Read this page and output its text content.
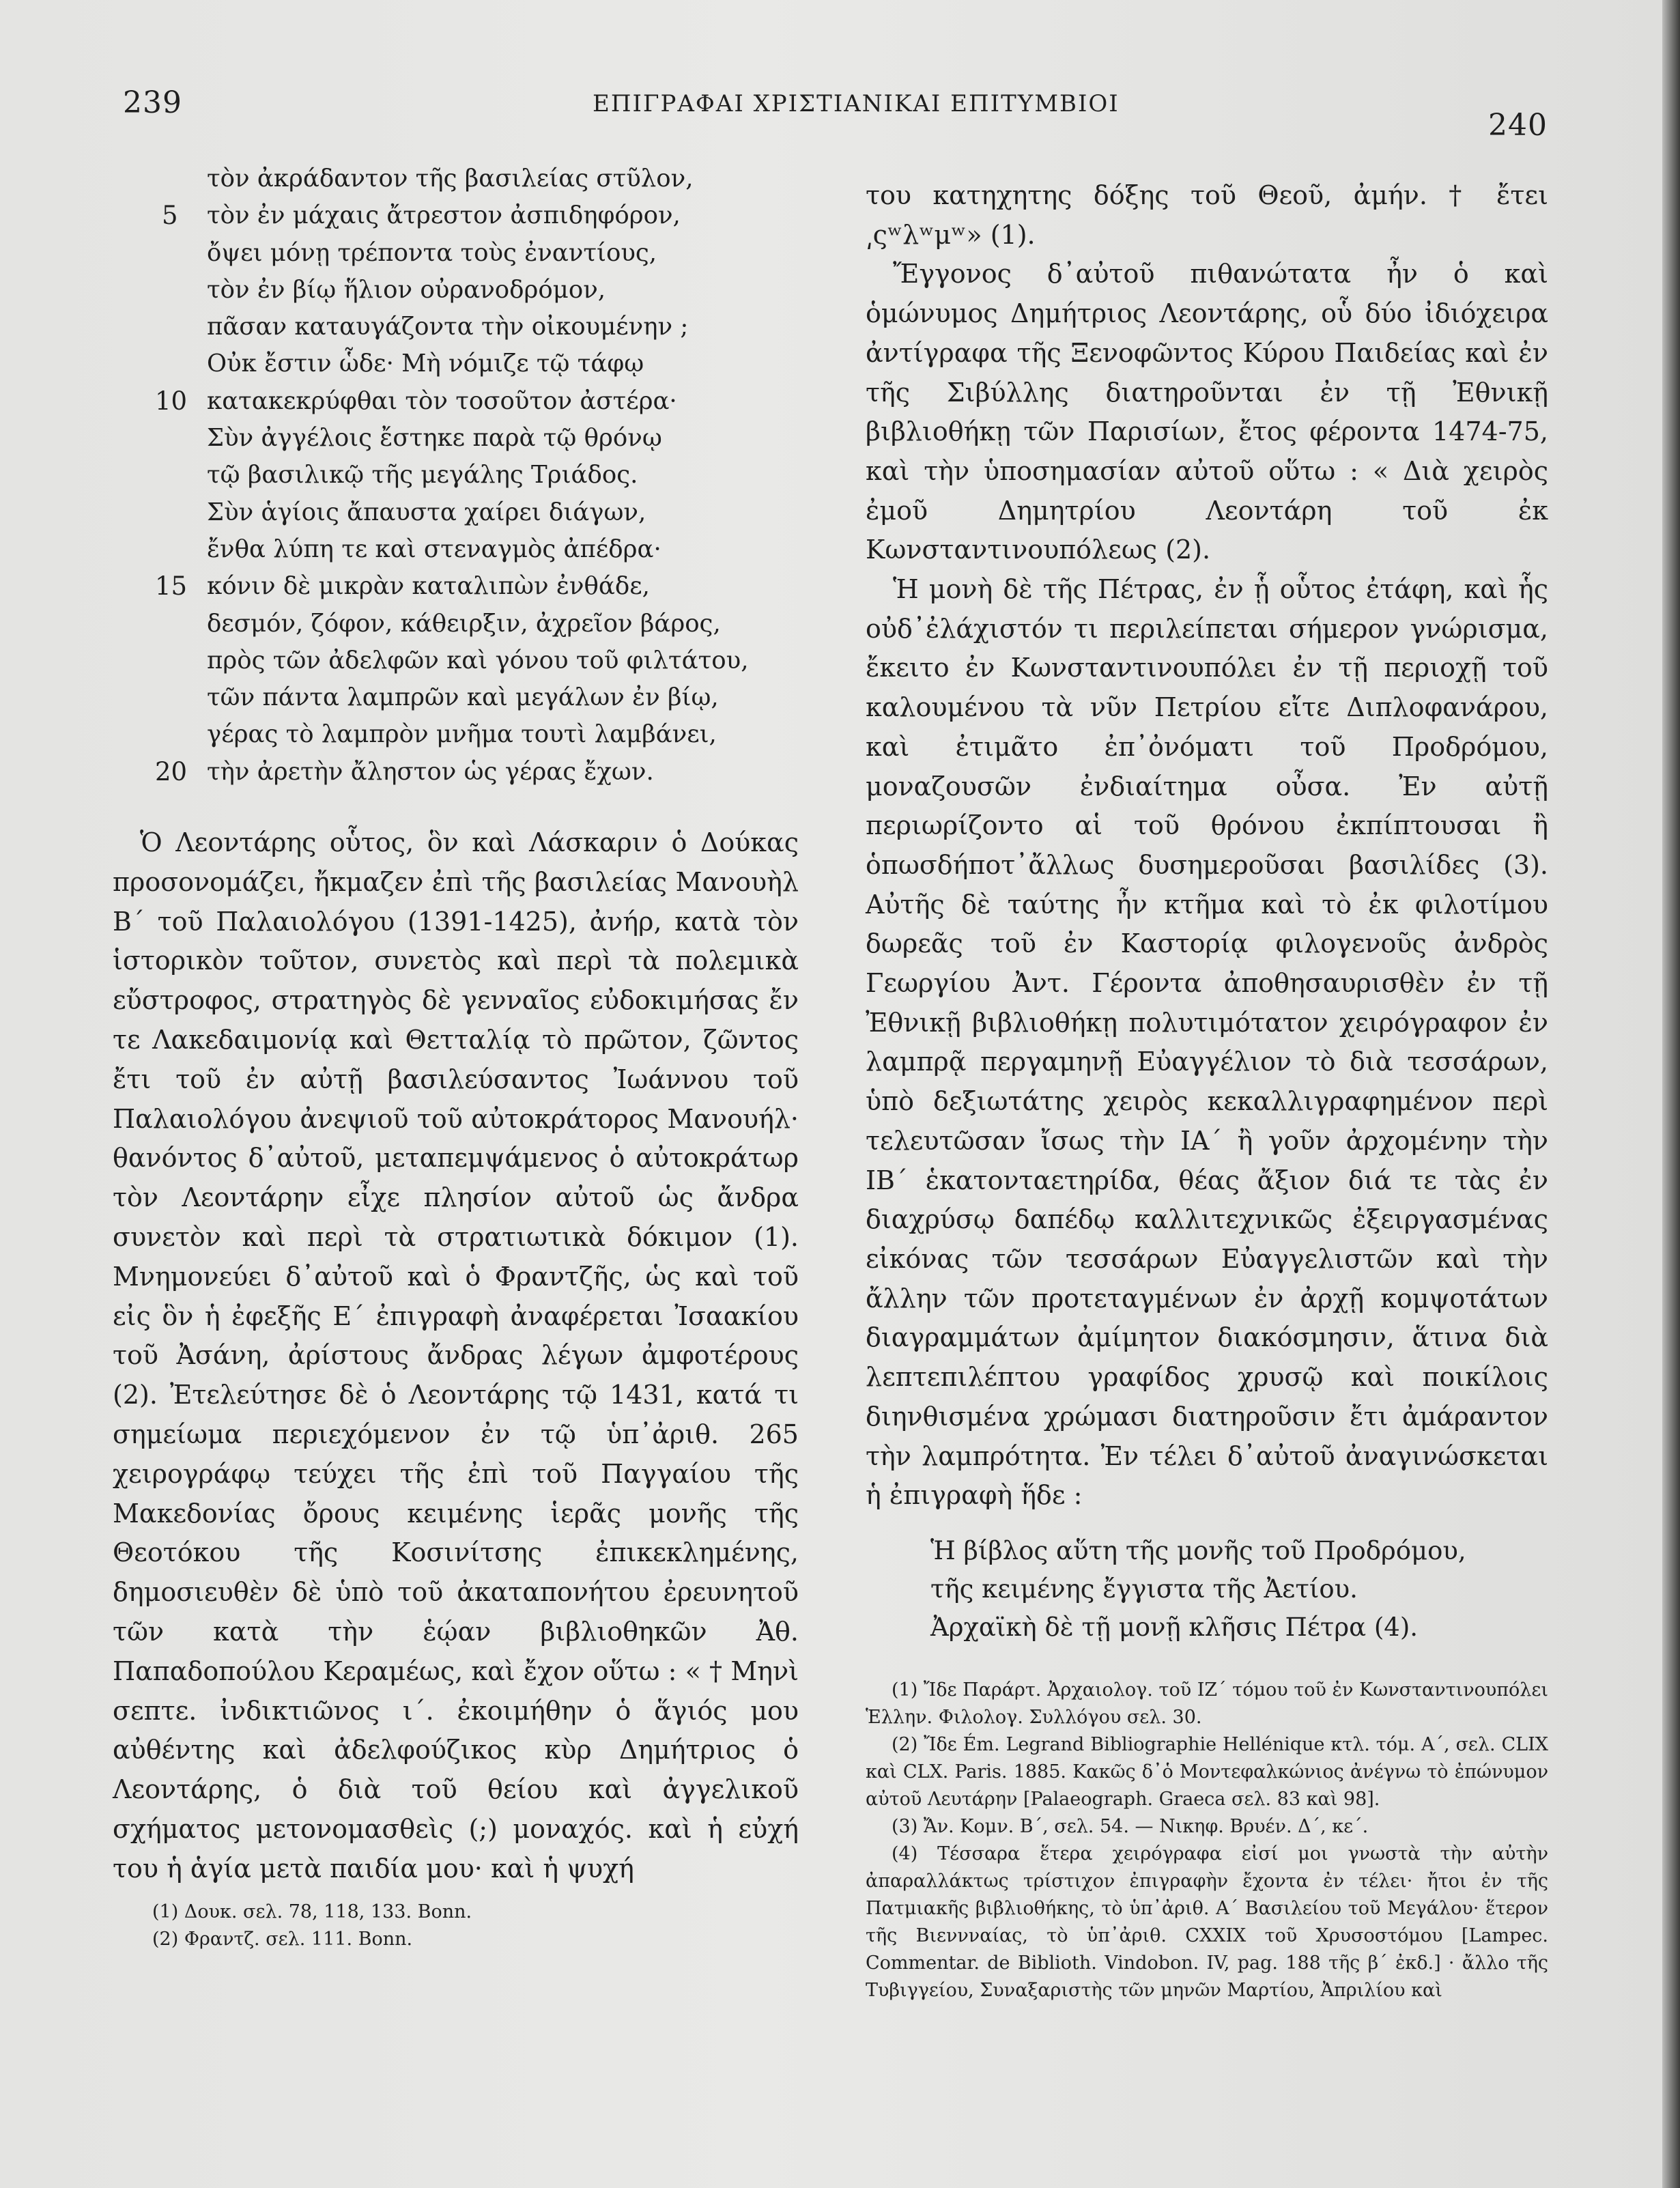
239	ΕΠΙΓΡΑΦΑΙ ΧΡΙΣΤΙΑΝΙΚΑΙ ΕΠΙΤΥΜΒΙΟΙ
240
τὸν ἀκράδαντον τῆς βασιλείας στῦλον,
5 τὸν ἐν μάχαις ἄτρεστον ἀσπιδηφόρον,
ὄψει μόνῃ τρέποντα τοὺς ἐναντίους,
τὸν ἐν βίῳ ἥλιον οὐρανοδρόμον,
πᾶσαν καταυγάζοντα τὴν οἰκουμένην ;
Οὐκ ἔστιν ὧδε· Μὴ νόμιζε τῷ τάφῳ
10 κατακεκρύφθαι τὸν τοσοῦτον ἀστέρα·
Σὺν ἀγγέλοις ἔστηκε παρὰ τῷ θρόνῳ
τῷ βασιλικῷ τῆς μεγάλης Τριάδος.
Σὺν ἁγίοις ἄπαυστα χαίρει διάγων,
ἔνθα λύπη τε καὶ στεναγμὸς ἀπέδρα·
15 κόνιν δὲ μικρὰν καταλιπὼν ἐνθάδε,
δεσμόν, ζόφον, κάθειρξιν, ἀχρεῖον βάρος,
πρὸς τῶν ἀδελφῶν καὶ γόνου τοῦ φιλτάτου,
τῶν πάντα λαμπρῶν καὶ μεγάλων ἐν βίῳ,
γέρας τὸ λαμπρὸν μνῆμα τουτὶ λαμβάνει,
20 τὴν ἀρετὴν ἄληστον ὡς γέρας ἔχων.

Ὁ Λεοντάρης οὗτος, ὃν καὶ Λάσκαριν ὁ Δούκας προσονομάζει, ἤκμαζεν ἐπὶ τῆς βασιλείας Μανουὴλ Β΄ τοῦ Παλαιολόγου (1391-1425), ἀνήρ, κατὰ τὸν ἱστορικὸν τοῦτον, συνετὸς καὶ περὶ τὰ πολεμικὰ εὔστροφος, στρατηγὸς δὲ γενναῖος εὐδοκιμήσας ἔν τε Λακεδαιμονίᾳ καὶ Θετταλίᾳ τὸ πρῶτον, ζῶντος ἔτι τοῦ ἐν αὐτῇ βασιλεύσαντος Ἰωάννου τοῦ Παλαιολόγου ἀνεψιοῦ τοῦ αὐτοκράτορος Μανουήλ· θανόντος δ᾽αὐτοῦ, μεταπεμψάμενος ὁ αὐτοκράτωρ τὸν Λεοντάρην εἶχε πλησίον αὐτοῦ ὡς ἄνδρα συνετὸν καὶ περὶ τὰ στρατιωτικὰ δόκιμον (1). Μνημονεύει δ᾽αὐτοῦ καὶ ὁ Φραντζῆς, ὡς καὶ τοῦ εἰς ὃν ἡ ἐφεξῆς Ε΄ ἐπιγραφὴ ἀναφέρεται Ἰσαακίου τοῦ Ἀσάνη, ἀρίστους ἄνδρας λέγων ἀμφοτέρους (2). Ἐτελεύτησε δὲ ὁ Λεοντάρης τῷ 1431, κατά τι σημείωμα περιεχόμενον ἐν τῷ ὑπ᾽ἀριθ. 265 χειρογράφῳ τεύχει τῆς ἐπὶ τοῦ Παγγαίου τῆς Μακεδονίας ὄρους κειμένης ἱερᾶς μονῆς τῆς Θεοτόκου τῆς Κοσινίτσης ἐπικεκλημένης, δημοσιευθὲν δὲ ὑπὸ τοῦ ἀκαταπονήτου ἐρευνητοῦ τῶν κατὰ τὴν ἑῴαν βιβλιοθηκῶν Ἀθ. Παπαδοπούλου Κεραμέως, καὶ ἔχον οὕτω : « † Μηνὶ σεπτε. ἰνδικτιῶνος ι΄. ἐκοιμήθην ὁ ἅγιός μου αὐθέντης καὶ ἀδελφούζικος κὺρ Δημήτριος ὁ Λεοντάρης, ὁ διὰ τοῦ θείου καὶ ἀγγελικοῦ σχήματος μετονομασθεὶς (;) μοναχός. καὶ ἡ εὐχή του ἡ ἁγία μετὰ παιδία μου· καὶ ἡ ψυχή

(1) Δουκ. σελ. 78, 118, 133. Bonn.
(2) Φραντζ. σελ. 111. Bonn.

του κατηχητης δόξης τοῦ Θεοῦ, ἀμήν. † ἔτει ͵ςʷλʷμʷ» (1).

Ἔγγονος δ᾽αὐτοῦ πιθανώτατα ἦν ὁ καὶ ὁμώνυμος Δημήτριος Λεοντάρης, οὗ δύο ἰδιόχειρα ἀντίγραφα τῆς Ξενοφῶντος Κύρου Παιδείας καὶ ἐν τῆς Σιβύλλης διατηροῦνται ἐν τῇ Ἐθνικῇ βιβλιοθήκῃ τῶν Παρισίων, ἔτος φέροντα 1474-75, καὶ τὴν ὑποσημασίαν αὐτοῦ οὕτω : « Διὰ χειρὸς ἐμοῦ Δημητρίου Λεοντάρη τοῦ ἐκ Κωνσταντινουπόλεως (2).

Ἡ μονὴ δὲ τῆς Πέτρας, ἐν ᾗ οὗτος ἐτάφη, καὶ ἧς οὐδ᾽ἐλάχιστόν τι περιλείπεται σήμερον γνώρισμα, ἔκειτο ἐν Κωνσταντινουπόλει ἐν τῇ περιοχῇ τοῦ καλουμένου τὰ νῦν Πετρίου εἴτε Διπλοφανάρου, καὶ ἐτιμᾶτο ἐπ᾽ὀνόματι τοῦ Προδρόμου, μοναζουσῶν ἐνδιαίτημα οὖσα. Ἐν αὐτῇ περιωρίζοντο αἱ τοῦ θρόνου ἐκπίπτουσαι ἢ ὁπωσδήποτ᾽ἄλλως δυσημεροῦσαι βασιλίδες (3). Αὐτῆς δὲ ταύτης ἦν κτῆμα καὶ τὸ ἐκ φιλοτίμου δωρεᾶς τοῦ ἐν Καστορίᾳ φιλογενοῦς ἀνδρὸς Γεωργίου Ἀντ. Γέροντα ἀποθησαυρισθὲν ἐν τῇ Ἐθνικῇ βιβλιοθήκῃ πολυτιμότατον χειρόγραφον ἐν λαμπρᾷ περγαμηνῇ Εὐαγγέλιον τὸ διὰ τεσσάρων, ὑπὸ δεξιωτάτης χειρὸς κεκαλλιγραφημένον περὶ τελευτῶσαν ἴσως τὴν ΙΑ΄ ἢ γοῦν ἀρχομένην τὴν ΙΒ΄ ἑκατονταετηρίδα, θέας ἄξιον διά τε τὰς ἐν διαχρύσῳ δαπέδῳ καλλιτεχνικῶς ἐξειργασμένας εἰκόνας τῶν τεσσάρων Εὐαγγελιστῶν καὶ τὴν ἄλλην τῶν προτεταγμένων ἐν ἀρχῇ κομψοτάτων διαγραμμάτων ἀμίμητον διακόσμησιν, ἅτινα διὰ λεπτεπιλέπτου γραφίδος χρυσῷ καὶ ποικίλοις διηνθισμένα χρώμασι διατηροῦσιν ἔτι ἀμάραντον τὴν λαμπρότητα. Ἐν τέλει δ᾽αὐτοῦ ἀναγινώσκεται ἡ ἐπιγραφὴ ἥδε :

Ἡ βίβλος αὕτη τῆς μονῆς τοῦ Προδρόμου,
τῆς κειμένης ἔγγιστα τῆς Ἀετίου.
Ἀρχαϊκὴ δὲ τῇ μονῇ κλῆσις Πέτρα (4).

(1) Ἴδε Παράρτ. Ἀρχαιολογ. τοῦ ΙΖ΄ τόμου τοῦ ἐν Κωνσταντινουπόλει Ἑλλην. Φιλολογ. Συλλόγου σελ. 30.

(2) Ἴδε Ém. Legrand Bibliographie Hellénique κτλ. τόμ. Α΄, σελ. CLIX καὶ CLX. Paris. 1885. Κακῶς δ᾽ὁ Μοντεφαλκώνιος ἀνέγνω τὸ ἐπώνυμον αὐτοῦ Λευτάρην [Palaeograph. Graeca σελ. 83 καὶ 98].

(3) Ἄν. Κομν. Β΄, σελ. 54. — Νικηφ. Βρυέν. Δ΄, κε΄.

(4) Τέσσαρα ἕτερα χειρόγραφα εἰσί μοι γνωστὰ τὴν αὐτὴν ἀπαραλλάκτως τρίστιχον ἐπιγραφὴν ἔχοντα ἐν τέλει· ἤτοι ἐν τῆς Πατμιακῆς βιβλιοθήκης, τὸ ὑπ᾽ἀριθ. Α΄ Βασιλείου τοῦ Μεγάλου· ἕτερον τῆς Βιεννναίας, τὸ ὑπ᾽ἀριθ. CXXIX τοῦ Χρυσοστόμου [Lampec. Commentar. de Biblioth. Vindobon. IV, pag. 188 τῆς β΄ ἐκδ.] · ἄλλο τῆς Τυβιγγείου, Συναξαριστὴς τῶν μηνῶν Μαρτίου, Ἀπριλίου καὶ
